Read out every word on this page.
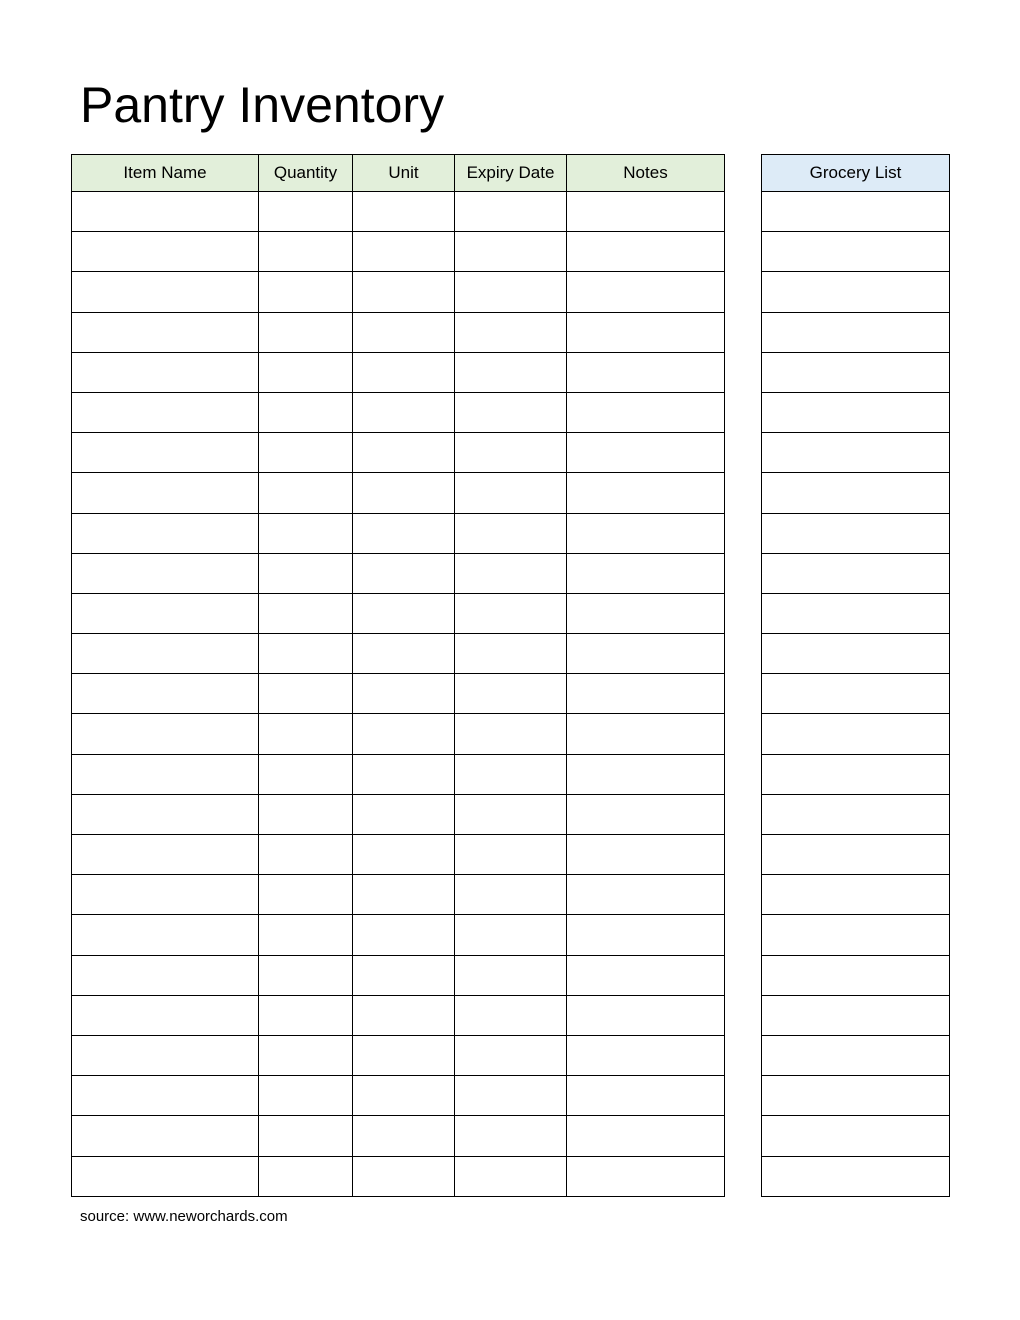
Pantry Inventory
Item Name	Quantity	Unit	Expiry Date	Notes

					Grocery List

source: www.neworchards.com
